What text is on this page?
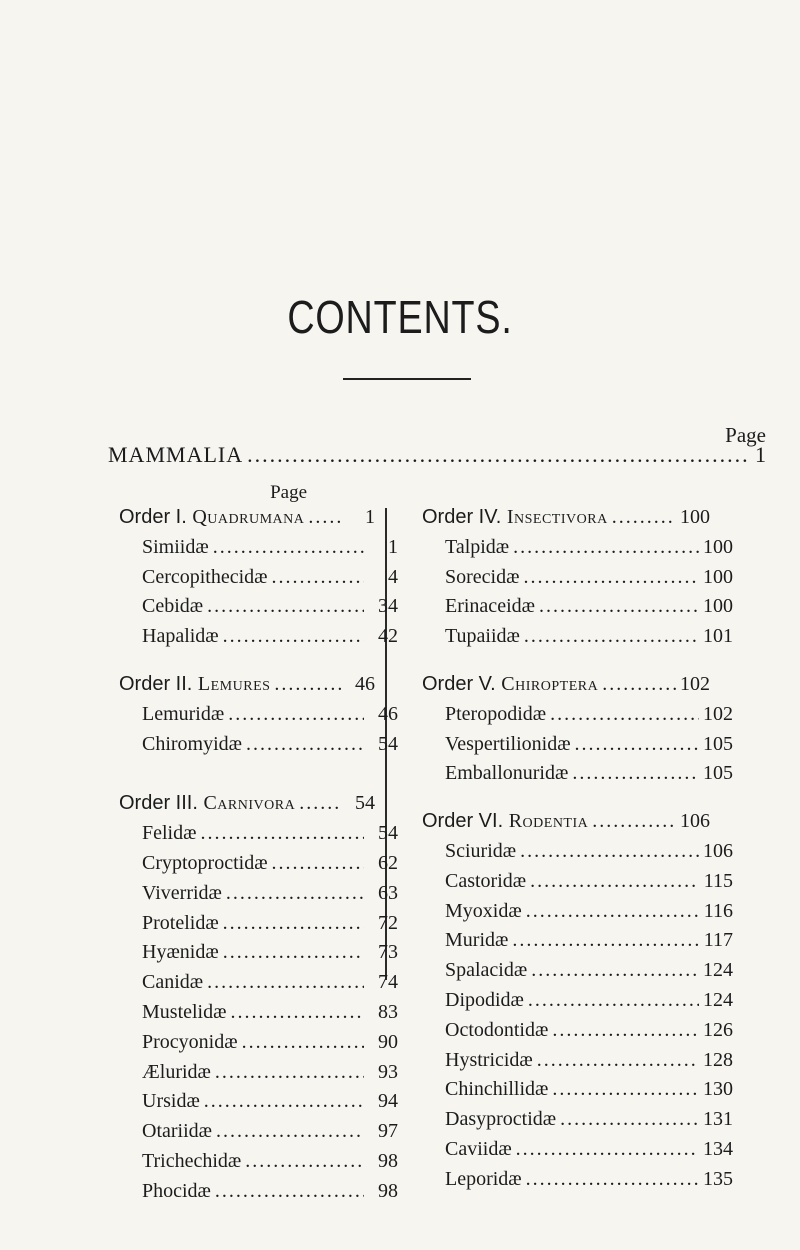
CONTENTS.
Page
MAMMALIA .....	1
Page
Order I. Quadrumana .....	1
Simiidæ .....	1
Cercopithecidæ .....	4
Cebidæ .....	34
Hapalidæ .....	42
Order II. Lemures .....	46
Lemuridæ .....	46
Chiromyidæ .....	54
Order III. Carnivora .....	54
Felidæ .....	54
Cryptoproctidæ .....	62
Viverridæ .....	63
Protelidæ .....	72
Hyænidæ .....	73
Canidæ .....	74
Mustelidæ .....	83
Procyonidæ .....	90
Æluridæ .....	93
Ursidæ .....	94
Otariidæ .....	97
Trichechidæ .....	98
Phocidæ .....	98
Order IV. Insectivora .....	100
Talpidæ .....	100
Sorecidæ .....	100
Erinaceidæ .....	100
Tupaiidæ .....	101
Order V. Chiroptera .....	102
Pteropodidæ .....	102
Vespertilionidæ .....	105
Emballonuridæ .....	105
Order VI. Rodentia .....	106
Sciuridæ .....	106
Castoridæ .....	115
Myoxidæ .....	116
Muridæ .....	117
Spalacidæ .....	124
Dipodidæ .....	124
Octodontidæ .....	126
Hystricidæ .....	128
Chinchillidæ .....	130
Dasyproctidæ .....	131
Caviidæ .....	134
Leporidæ .....	135
